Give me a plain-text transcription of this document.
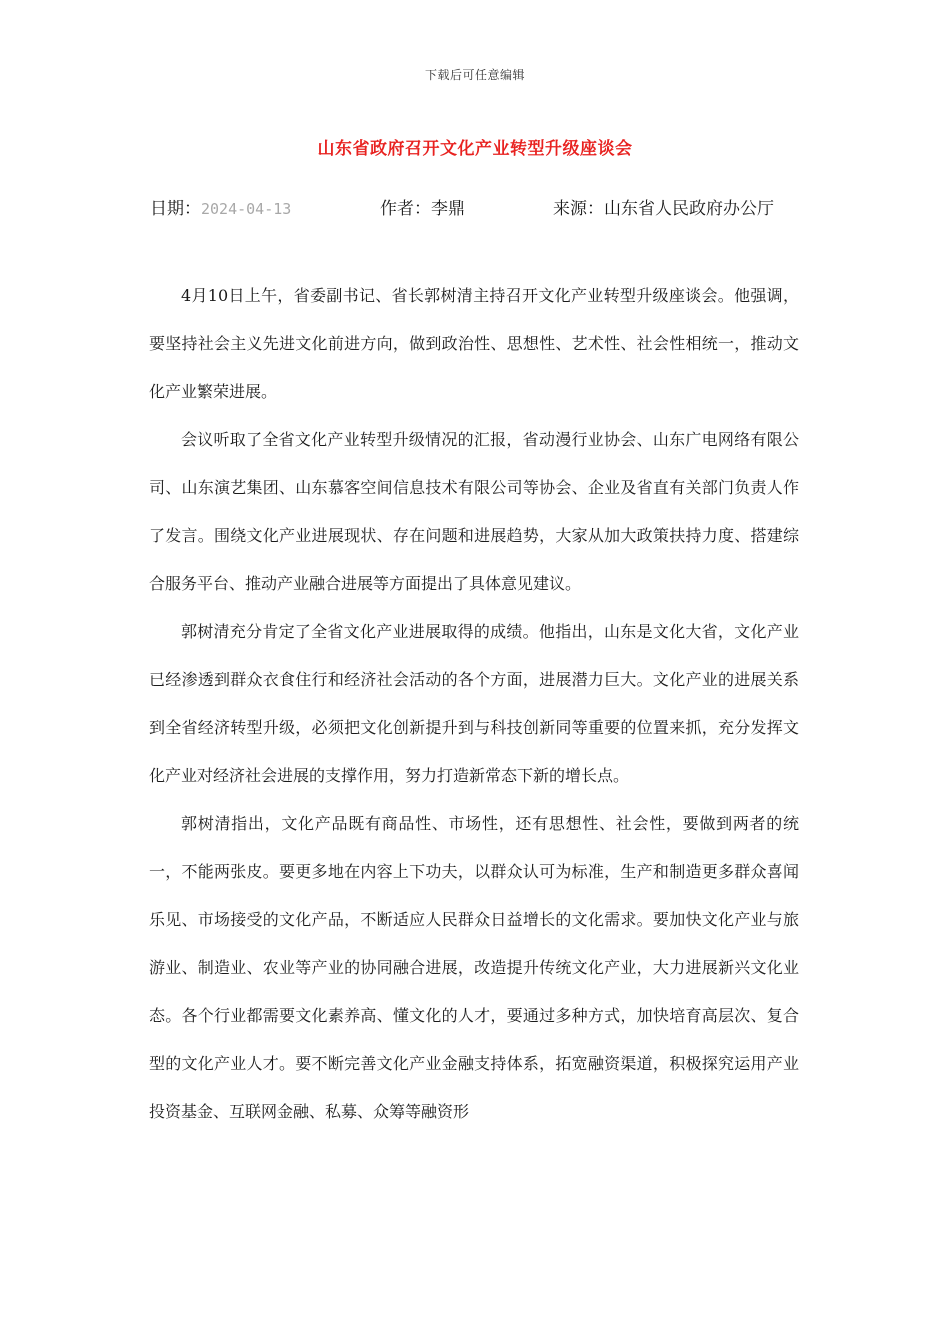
下载后可任意编辑
山东省政府召开文化产业转型升级座谈会
日期：2024-04-13	作者：李鼎	来源：山东省人民政府办公厅

4月10日上午，省委副书记、省长郭树清主持召开文化产业转型升级座谈会。他强调，要坚持社会主义先进文化前进方向，做到政治性、思想性、艺术性、社会性相统一，推动文化产业繁荣进展。

会议听取了全省文化产业转型升级情况的汇报，省动漫行业协会、山东广电网络有限公司、山东演艺集团、山东慕客空间信息技术有限公司等协会、企业及省直有关部门负责人作了发言。围绕文化产业进展现状、存在问题和进展趋势，大家从加大政策扶持力度、搭建综合服务平台、推动产业融合进展等方面提出了具体意见建议。

郭树清充分肯定了全省文化产业进展取得的成绩。他指出，山东是文化大省，文化产业已经渗透到群众衣食住行和经济社会活动的各个方面，进展潜力巨大。文化产业的进展关系到全省经济转型升级，必须把文化创新提升到与科技创新同等重要的位置来抓，充分发挥文化产业对经济社会进展的支撑作用，努力打造新常态下新的增长点。

郭树清指出，文化产品既有商品性、市场性，还有思想性、社会性，要做到两者的统一，不能两张皮。要更多地在内容上下功夫，以群众认可为标准，生产和制造更多群众喜闻乐见、市场接受的文化产品，不断适应人民群众日益增长的文化需求。要加快文化产业与旅游业、制造业、农业等产业的协同融合进展，改造提升传统文化产业，大力进展新兴文化业态。各个行业都需要文化素养高、懂文化的人才，要通过多种方式，加快培育高层次、复合型的文化产业人才。要不断完善文化产业金融支持体系，拓宽融资渠道，积极探究运用产业投资基金、互联网金融、私募、众筹等融资形
